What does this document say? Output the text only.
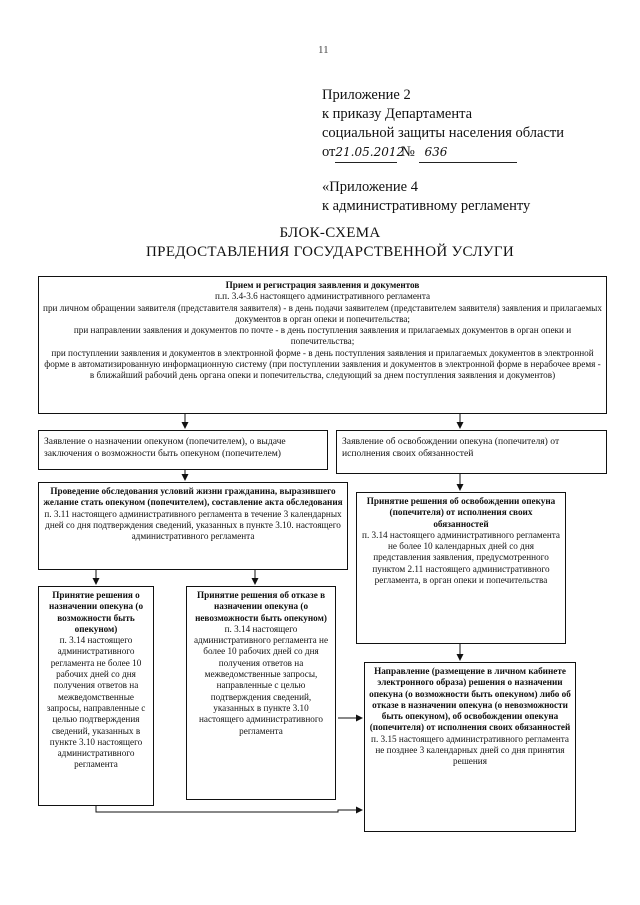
11
Приложение 2
к приказу Департамента
социальной защиты населения области
от21.05.2012 № 636
«Приложение 4
к административному регламенту
БЛОК-СХЕМА
ПРЕДОСТАВЛЕНИЯ ГОСУДАРСТВЕННОЙ УСЛУГИ

Прием и регистрация заявления и документов

п.п. 3.4-3.6 настоящего административного регламента

при личном обращении заявителя (представителя заявителя) - в день подачи заявителем (представителем заявителя) заявления и прилагаемых документов в орган опеки и попечительства;

при направлении заявления и документов по почте - в день поступления заявления и прилагаемых документов в орган опеки и попечительства;

при поступлении заявления и документов в электронной форме - в день поступления заявления и прилагаемых документов в электронной форме в автоматизированную информационную систему (при поступлении заявления и документов в электронной форме в нерабочее время - в ближайший рабочий день органа опеки и попечительства, следующий за днем поступления заявления и документов)

Заявление о назначении опекуном (попечителем), о выдаче заключения о возможности быть опекуном (попечителем)

Заявление об освобождении опекуна (попечителя) от исполнения своих обязанностей

Проведение обследования условий жизни гражданина, выразившего желание стать опекуном (попечителем), составление акта обследования

п. 3.11 настоящего административного регламента в течение 3 календарных дней со дня подтверждения сведений, указанных в пункте 3.10. настоящего административного регламента

Принятие решения об освобождении опекуна (попечителя) от исполнения своих обязанностей

п. 3.14 настоящего административного регламента не более 10 календарных дней со дня представления заявления, предусмотренного пунктом 2.11 настоящего административного регламента, в орган опеки и попечительства

Принятие решения о назначении опекуна (о возможности быть опекуном)

п. 3.14 настоящего административного регламента не более 10 рабочих дней со дня получения ответов на межведомственные запросы, направленные с целью подтверждения сведений, указанных в пункте 3.10 настоящего административного регламента

Принятие решения об отказе в назначении опекуна (о невозможности быть опекуном)

п. 3.14 настоящего административного регламента не более 10 рабочих дней со дня получения ответов на межведомственные запросы, направленные с целью подтверждения сведений, указанных в пункте 3.10 настоящего административного регламента

Направление (размещение в личном кабинете электронного образа) решения о назначении опекуна (о возможности быть опекуном) либо об отказе в назначении опекуна (о невозможности быть опекуном), об освобождении опекуна (попечителя) от исполнения своих обязанностей

п. 3.15 настоящего административного регламента не позднее 3 календарных дней со дня принятия решения
